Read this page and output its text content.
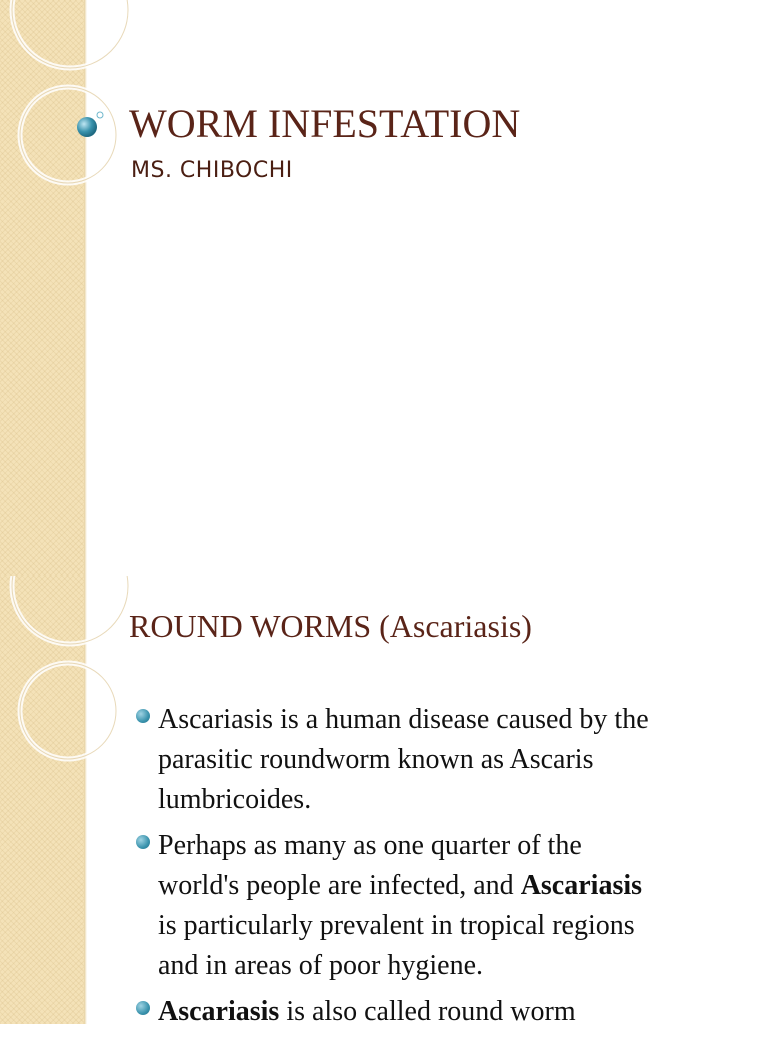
WORM INFESTATION
MS. CHIBOCHI
ROUND WORMS (Ascariasis)
Ascariasis is a human disease caused by the
parasitic roundworm known as Ascaris
lumbricoides.
Perhaps as many as one quarter of the
world's people are infected, and Ascariasis
is particularly prevalent in tropical regions
and in areas of poor hygiene.
Ascariasis is also called round worm
